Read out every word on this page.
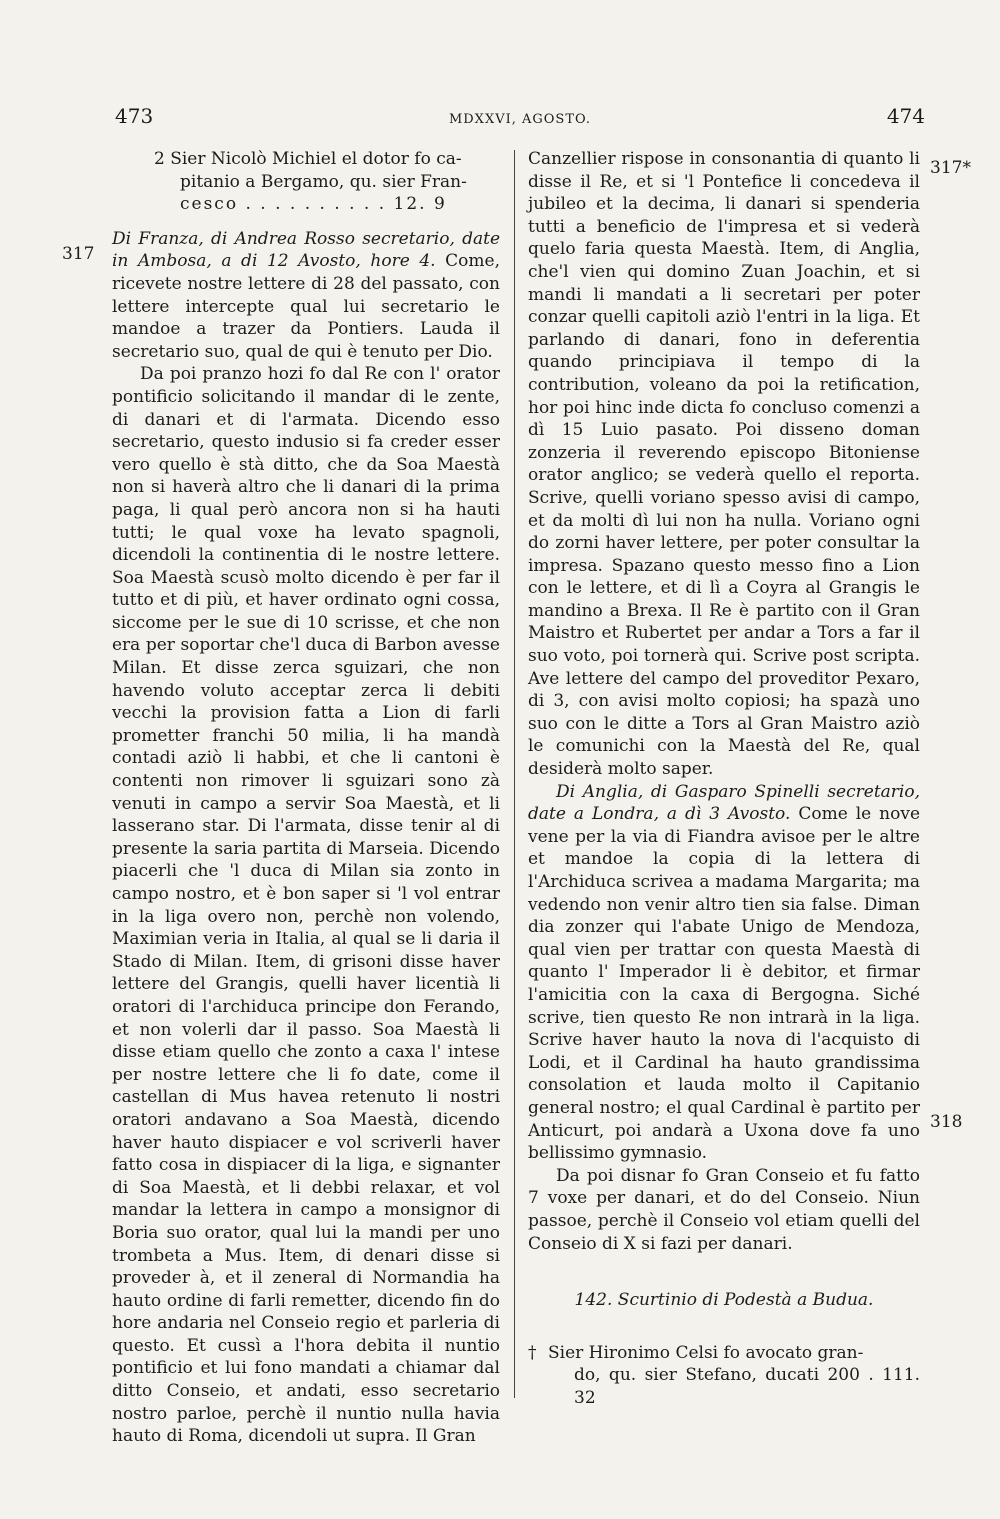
473	MDXXVI, AGOSTO.	474
317
317*
318

2 Sier Nicolò Michiel el dotor fo ca-

pitanio a Bergamo, qu. sier Fran-

cesco . . . . . . . . . . 12. 9

Di Franza, di Andrea Rosso secretario, date in Ambosa, a di 12 Avosto, hore 4. Come, ricevete nostre lettere di 28 del passato, con lettere intercepte qual lui secretario le mandoe a trazer da Pontiers. Lauda il secretario suo, qual de qui è tenuto per Dio.

Da poi pranzo hozi fo dal Re con l' orator pontificio solicitando il mandar di le zente, di danari et di l'armata. Dicendo esso secretario, questo indusio si fa creder esser vero quello è stà ditto, che da Soa Maestà non si haverà altro che li danari di la prima paga, li qual però ancora non si ha hauti tutti; le qual voxe ha levato spagnoli, dicendoli la continentia di le nostre lettere. Soa Maestà scusò molto dicendo è per far il tutto et di più, et haver ordinato ogni cossa, siccome per le sue di 10 scrisse, et che non era per soportar che'l duca di Barbon avesse Milan. Et disse zerca sguizari, che non havendo voluto acceptar zerca li debiti vecchi la provision fatta a Lion di farli prometter franchi 50 milia, li ha mandà contadi aziò li habbi, et che li cantoni è contenti non rimover li sguizari sono zà venuti in campo a servir Soa Maestà, et li lasserano star. Di l'armata, disse tenir al di presente la saria partita di Marseia. Dicendo piacerli che 'l duca di Milan sia zonto in campo nostro, et è bon saper si 'l vol entrar in la liga overo non, perchè non volendo, Maximian veria in Italia, al qual se li daria il Stado di Milan. Item, di grisoni disse haver lettere del Grangis, quelli haver licentià li oratori di l'archiduca principe don Ferando, et non volerli dar il passo. Soa Maestà li disse etiam quello che zonto a caxa l' intese per nostre lettere che li fo date, come il castellan di Mus havea retenuto li nostri oratori andavano a Soa Maestà, dicendo haver hauto dispiacer e vol scriverli haver fatto cosa in dispiacer di la liga, e signanter di Soa Maestà, et li debbi relaxar, et vol mandar la lettera in campo a monsignor di Boria suo orator, qual lui la mandi per uno trombeta a Mus. Item, di denari disse si proveder à, et il zeneral di Normandia ha hauto ordine di farli remetter, dicendo fin do hore andaria nel Conseio regio et parleria di questo. Et cussì a l'hora debita il nuntio pontificio et lui fono mandati a chiamar dal ditto Conseio, et andati, esso secretario nostro parloe, perchè il nuntio nulla havia hauto di Roma, dicendoli ut supra. Il Gran

Canzellier rispose in consonantia di quanto li disse il Re, et si 'l Pontefice li concedeva il jubileo et la decima, li danari si spenderia tutti a beneficio de l'impresa et si vederà quelo faria questa Maestà. Item, di Anglia, che'l vien qui domino Zuan Joachin, et si mandi li mandati a li secretari per poter conzar quelli capitoli aziò l'entri in la liga. Et parlando di danari, fono in deferentia quando principiava il tempo di la contribution, voleano da poi la retification, hor poi hinc inde dicta fo concluso comenzi a dì 15 Luio pasato. Poi disseno doman zonzeria il reverendo episcopo Bitoniense orator anglico; se vederà quello el reporta. Scrive, quelli voriano spesso avisi di campo, et da molti dì lui non ha nulla. Voriano ogni do zorni haver lettere, per poter consultar la impresa. Spazano questo messo fino a Lion con le lettere, et di lì a Coyra al Grangis le mandino a Brexa. Il Re è partito con il Gran Maistro et Rubertet per andar a Tors a far il suo voto, poi tornerà qui. Scrive post scripta. Ave lettere del campo del proveditor Pexaro, di 3, con avisi molto copiosi; ha spazà uno suo con le ditte a Tors al Gran Maistro aziò le comunichi con la Maestà del Re, qual desiderà molto saper.

Di Anglia, di Gasparo Spinelli secretario, date a Londra, a dì 3 Avosto. Come le nove vene per la via di Fiandra avisoe per le altre et mandoe la copia di la lettera di l'Archiduca scrivea a madama Margarita; ma vedendo non venir altro tien sia false. Diman dia zonzer qui l'abate Unigo de Mendoza, qual vien per trattar con questa Maestà di quanto l' Imperador li è debitor, et firmar l'amicitia con la caxa di Bergogna. Siché scrive, tien questo Re non intrarà in la liga. Scrive haver hauto la nova di l'acquisto di Lodi, et il Cardinal ha hauto grandissima consolation et lauda molto il Capitanio general nostro; el qual Cardinal è partito per Anticurt, poi andarà a Uxona dove fa uno bellissimo gymnasio.

Da poi disnar fo Gran Conseio et fu fatto 7 voxe per danari, et do del Conseio. Niun passoe, perchè il Conseio vol etiam quelli del Conseio di X si fazi per danari.

142. Scurtinio di Podestà a Budua.

† Sier Hironimo Celsi fo avocato gran-

do, qu. sier Stefano, ducati 200 . 111. 32
